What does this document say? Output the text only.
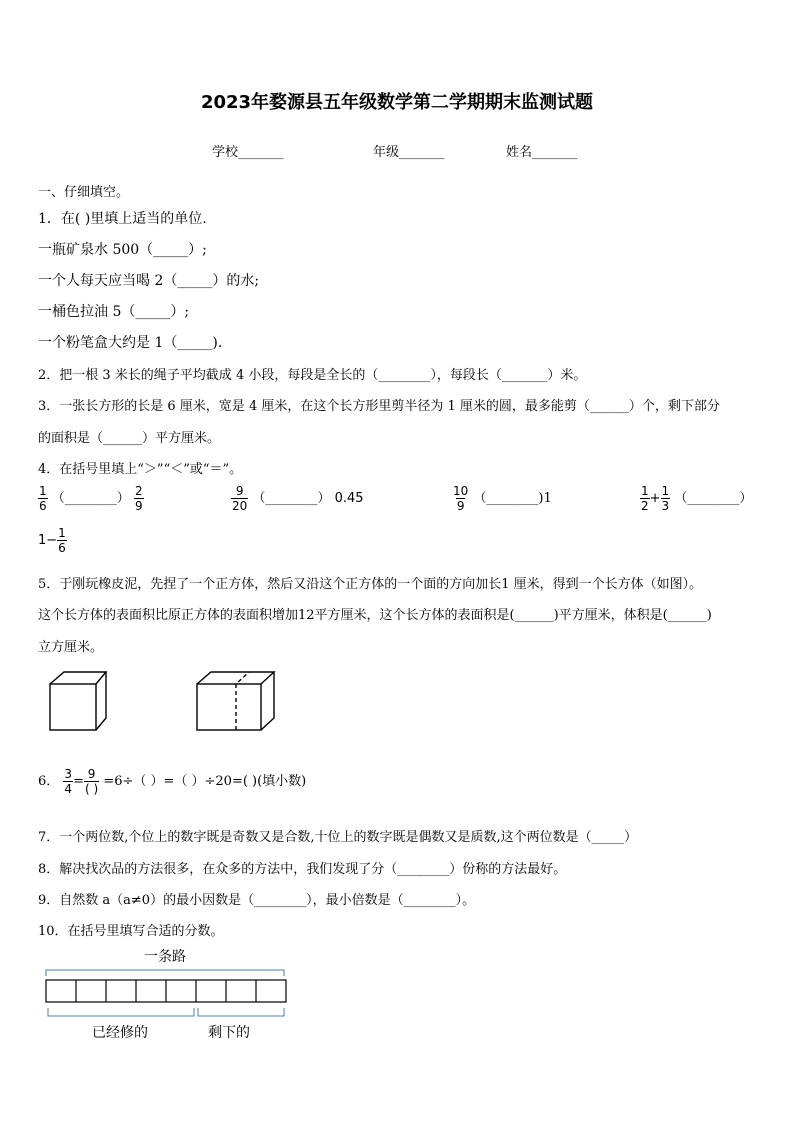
2023年婺源县五年级数学第二学期期末监测试题
学校_______	年级_______	姓名_______
一、仔细填空。
1．在( )里填上适当的单位.
一瓶矿泉水 500（_____）;
一个人每天应当喝 2（_____）的水;
一桶色拉油 5（_____）;
一个粉笔盒大约是 1（_____).
2．把一根 3 米长的绳子平均截成 4 小段，每段是全长的（________），每段长（_______）米。
3．一张长方形的长是 6 厘米，宽是 4 厘米，在这个长方形里剪半径为 1 厘米的圆，最多能剪（______）个，剩下部分
的面积是（______）平方厘米。
4．在括号里填上“＞”“＜”或“＝”。
$\frac{1}{6}$ （________） $\frac{2}{9}$	$\frac{9}{20}$ （________） 0.45	$\frac{10}{9}$ （________)1	$\frac{1}{2} + \frac{1}{3}$ （________）
$1- \frac{1}{6}$
5．于刚玩橡皮泥，先捏了一个正方体，然后又沿这个正方体的一个面的方向加长1 厘米，得到一个长方体（如图）。
这个长方体的表面积比原正方体的表面积增加12平方厘米，这个长方体的表面积是(______)平方厘米，体积是(______)
立方厘米。
6． $\frac{3}{4} = \frac{9}{( )} =6\div$（ ）=（ ）÷20=( )(填小数)
7．一个两位数,个位上的数字既是奇数又是合数,十位上的数字既是偶数又是质数,这个两位数是（_____）
8．解决找次品的方法很多，在众多的方法中，我们发现了分（________）份称的方法最好。
9．自然数 a（a≠0）的最小因数是（________），最小倍数是（________）。
10．在括号里填写合适的分数。
一条路
已经修的	剩下的
